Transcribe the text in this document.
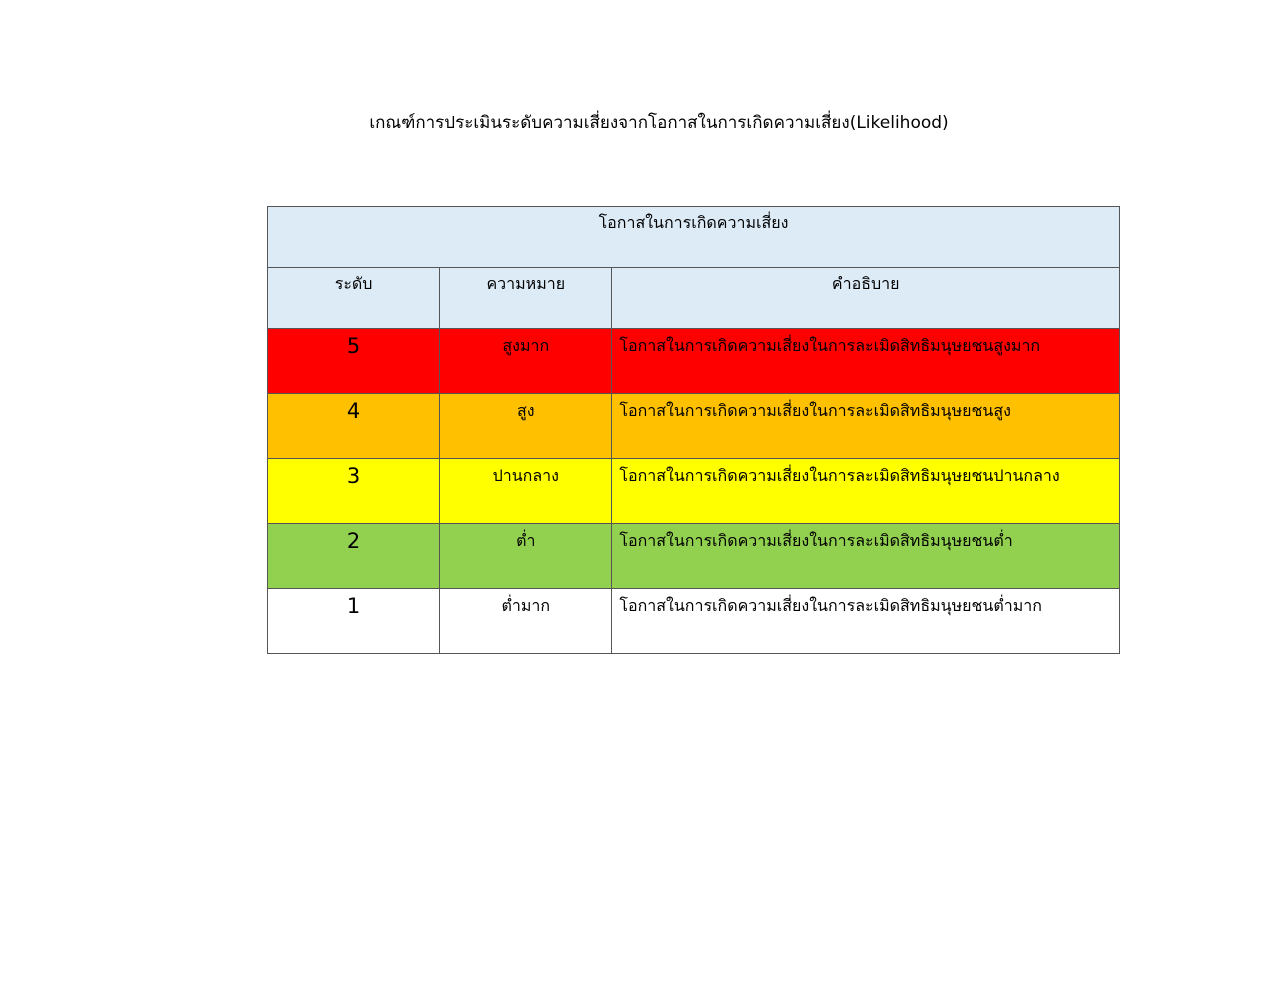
เกณฑ์การประเมินระดับความเสี่ยงจากโอกาสในการเกิดความเสี่ยง(Likelihood)
โอกาสในการเกิดความเสี่ยง		
ระดับ	ความหมาย	คำอธิบาย
5	สูงมาก	โอกาสในการเกิดความเสี่ยงในการละเมิดสิทธิมนุษยชนสูงมาก
4	สูง	โอกาสในการเกิดความเสี่ยงในการละเมิดสิทธิมนุษยชนสูง
3	ปานกลาง	โอกาสในการเกิดความเสี่ยงในการละเมิดสิทธิมนุษยชนปานกลาง
2	ต่ำ	โอกาสในการเกิดความเสี่ยงในการละเมิดสิทธิมนุษยชนต่ำ
1	ต่ำมาก	โอกาสในการเกิดความเสี่ยงในการละเมิดสิทธิมนุษยชนต่ำมาก
